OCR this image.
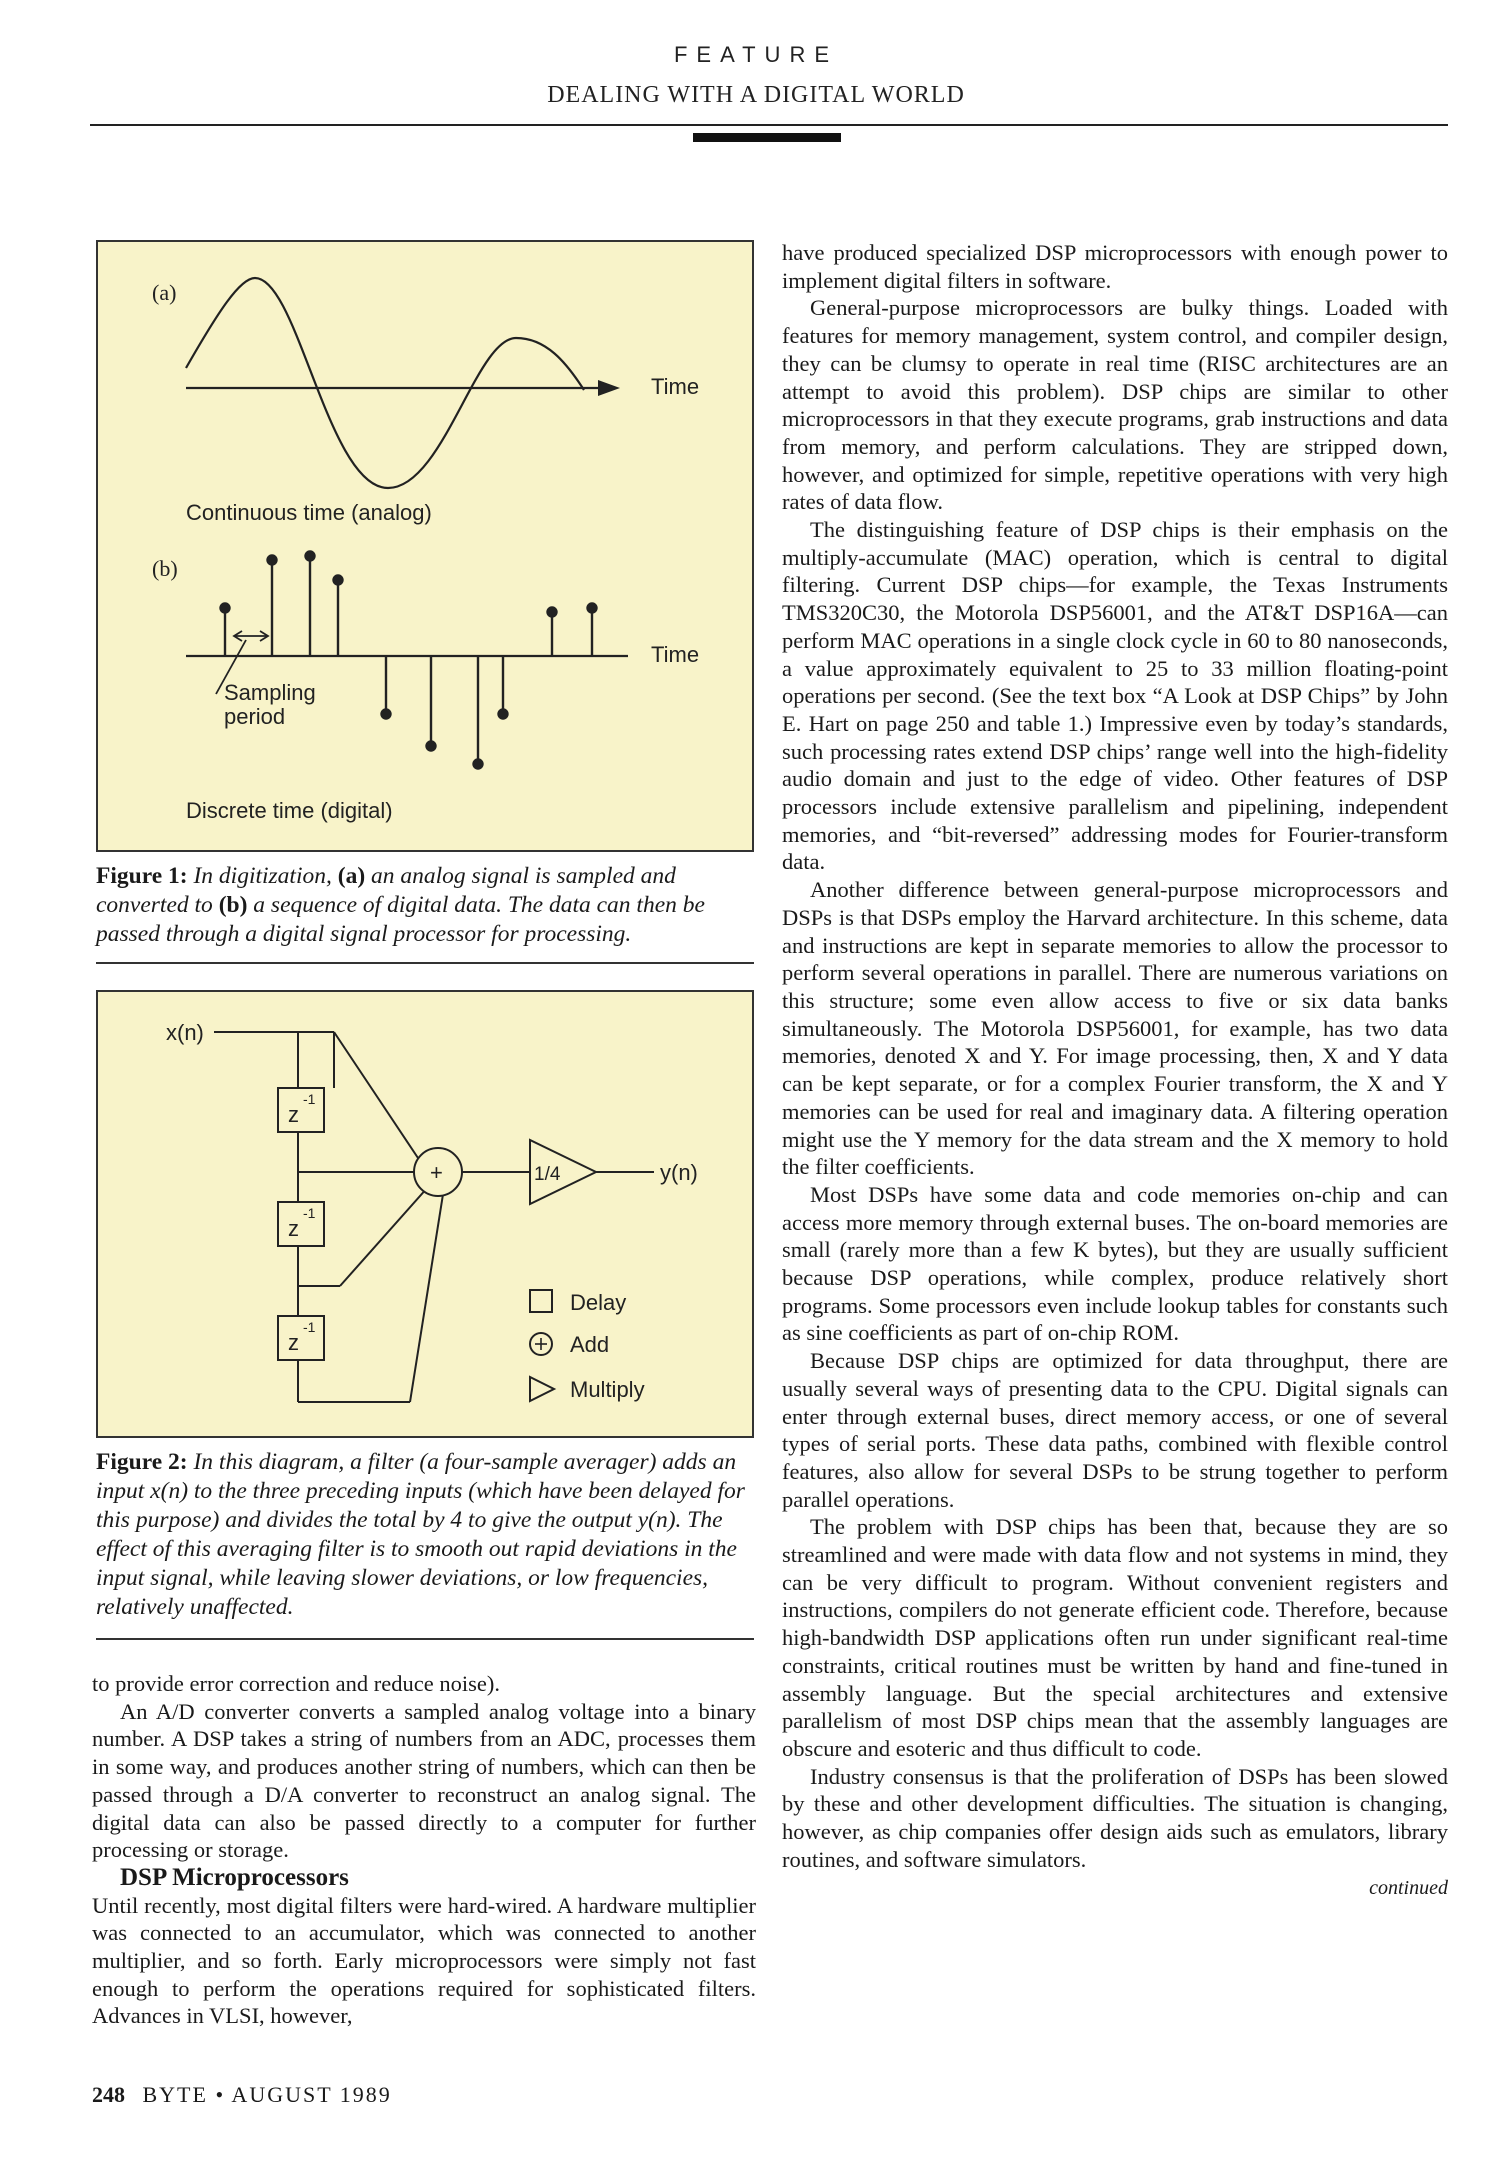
FEATURE
DEALING WITH A DIGITAL WORLD
(a)
Time
Continuous time (analog)
(b)
Time
Sampling
period
Discrete time (digital)
Figure 1: In digitization, (a) an analog signal is sampled and converted to (b) a sequence of digital data. The data can then be passed through a digital signal processor for processing.
x(n)
z
-1
z
-1
z
-1
+	1/4	y(n)
Delay
Add
Multiply
Figure 2: In this diagram, a filter (a four-sample averager) adds an input x(n) to the three preceding inputs (which have been delayed for this purpose) and divides the total by 4 to give the output y(n). The effect of this averaging filter is to smooth out rapid deviations in the input signal, while leaving slower deviations, or low frequencies, relatively unaffected.

to provide error correction and reduce noise).

An A/D converter converts a sampled analog voltage into a binary number. A DSP takes a string of numbers from an ADC, processes them in some way, and produces another string of numbers, which can then be passed through a D/A converter to reconstruct an analog signal. The digital data can also be passed directly to a computer for further processing or storage.

DSP Microprocessors

Until recently, most digital filters were hard-wired. A hardware multiplier was connected to an accumulator, which was connected to another multiplier, and so forth. Early microprocessors were simply not fast enough to perform the operations required for sophisticated filters. Advances in VLSI, however,

have produced specialized DSP microprocessors with enough power to implement digital filters in software.

General-purpose microprocessors are bulky things. Loaded with features for memory management, system control, and compiler design, they can be clumsy to operate in real time (RISC architectures are an attempt to avoid this problem). DSP chips are similar to other microprocessors in that they execute programs, grab instructions and data from memory, and perform calculations. They are stripped down, however, and optimized for simple, repetitive operations with very high rates of data flow.

The distinguishing feature of DSP chips is their emphasis on the multiply-accumulate (MAC) operation, which is central to digital filtering. Current DSP chips—for example, the Texas Instruments TMS320C30, the Motorola DSP56001, and the AT&T DSP16A—can perform MAC operations in a single clock cycle in 60 to 80 nanoseconds, a value approximately equivalent to 25 to 33 million floating-point operations per second. (See the text box “A Look at DSP Chips” by John E. Hart on page 250 and table 1.) Impressive even by today’s standards, such processing rates extend DSP chips’ range well into the high-fidelity audio domain and just to the edge of video. Other features of DSP processors include extensive parallelism and pipelining, independent memories, and “bit-reversed” addressing modes for Fourier-transform data.

Another difference between general-purpose microprocessors and DSPs is that DSPs employ the Harvard architecture. In this scheme, data and instructions are kept in separate memories to allow the processor to perform several operations in parallel. There are numerous variations on this structure; some even allow access to five or six data banks simultaneously. The Motorola DSP56001, for example, has two data memories, denoted X and Y. For image processing, then, X and Y data can be kept separate, or for a complex Fourier transform, the X and Y memories can be used for real and imaginary data. A filtering operation might use the Y memory for the data stream and the X memory to hold the filter coefficients.

Most DSPs have some data and code memories on-chip and can access more memory through external buses. The on-board memories are small (rarely more than a few K bytes), but they are usually sufficient because DSP operations, while complex, produce relatively short programs. Some processors even include lookup tables for constants such as sine coefficients as part of on-chip ROM.

Because DSP chips are optimized for data throughput, there are usually several ways of presenting data to the CPU. Digital signals can enter through external buses, direct memory access, or one of several types of serial ports. These data paths, combined with flexible control features, also allow for several DSPs to be strung together to perform parallel operations.

The problem with DSP chips has been that, because they are so streamlined and were made with data flow and not systems in mind, they can be very difficult to program. Without convenient registers and instructions, compilers do not generate efficient code. Therefore, because high-bandwidth DSP applications often run under significant real-time constraints, critical routines must be written by hand and fine-tuned in assembly language. But the special architectures and extensive parallelism of most DSP chips mean that the assembly languages are obscure and esoteric and thus difficult to code.

Industry consensus is that the proliferation of DSPs has been slowed by these and other development difficulties. The situation is changing, however, as chip companies offer design aids such as emulators, library routines, and software simulators.

continued
248 BYTE • AUGUST 1989
